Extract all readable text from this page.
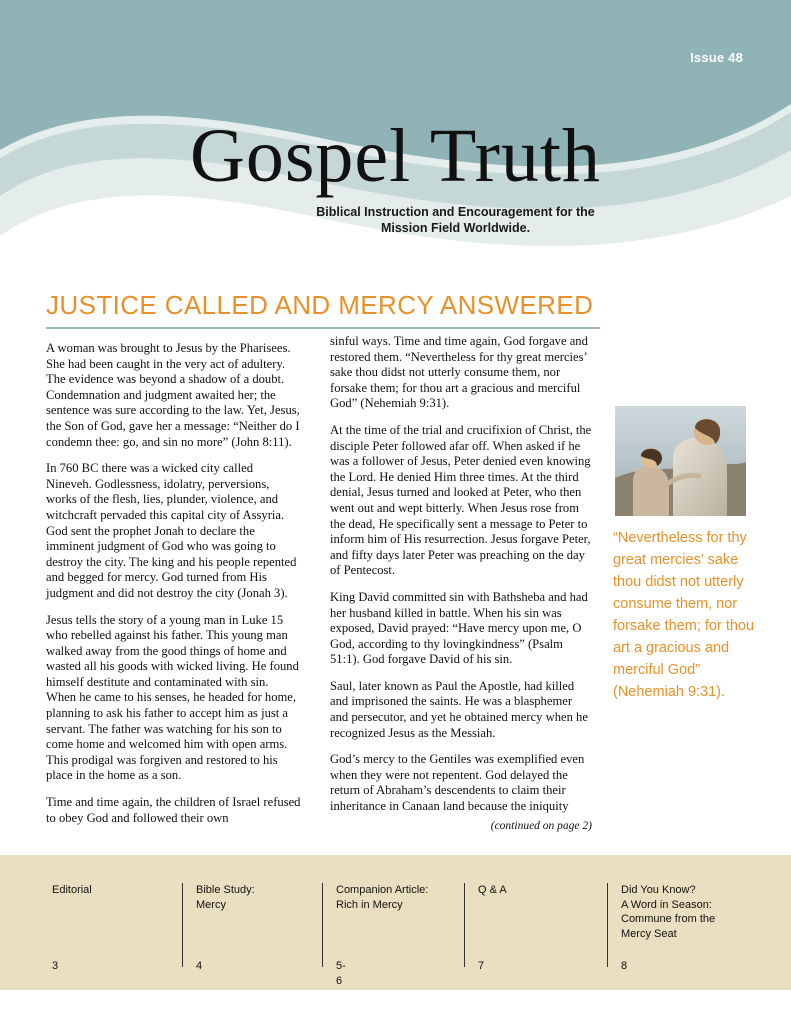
Issue 48
Gospel Truth
Biblical Instruction and Encouragement for the
Mission Field Worldwide.
JUSTICE CALLED AND MERCY ANSWERED

A woman was brought to Jesus by the Pharisees. She had been caught in the very act of adultery. The evidence was beyond a shadow of a doubt. Condemnation and judgment awaited her; the sentence was sure according to the law. Yet, Jesus, the Son of God, gave her a message: “Neither do I condemn thee: go, and sin no more” (John 8:11).

In 760 BC there was a wicked city called Nineveh. Godlessness, idolatry, perversions, works of the flesh, lies, plunder, violence, and witchcraft pervaded this capital city of Assyria. God sent the prophet Jonah to declare the imminent judgment of God who was going to destroy the city. The king and his people repented and begged for mercy. God turned from His judgment and did not destroy the city (Jonah 3).

Jesus tells the story of a young man in Luke 15 who rebelled against his father. This young man walked away from the good things of home and wasted all his goods with wicked living. He found himself destitute and contaminated with sin. When he came to his senses, he headed for home, planning to ask his father to accept him as just a servant. The father was watching for his son to come home and welcomed him with open arms. This prodigal was forgiven and restored to his place in the home as a son.

Time and time again, the children of Israel refused to obey God and followed their own

sinful ways. Time and time again, God forgave and restored them. “Nevertheless for thy great mercies’ sake thou didst not utterly consume them, nor forsake them; for thou art a gracious and merciful God” (Nehemiah 9:31).

At the time of the trial and crucifixion of Christ, the disciple Peter followed afar off. When asked if he was a follower of Jesus, Peter denied even knowing the Lord. He denied Him three times. At the third denial, Jesus turned and looked at Peter, who then went out and wept bitterly. When Jesus rose from the dead, He specifically sent a message to Peter to inform him of His resurrection. Jesus forgave Peter, and fifty days later Peter was preaching on the day of Pentecost.

King David committed sin with Bathsheba and had her husband killed in battle. When his sin was exposed, David prayed: “Have mercy upon me, O God, according to thy lovingkindness” (Psalm 51:1). God forgave David of his sin.

Saul, later known as Paul the Apostle, had killed and imprisoned the saints. He was a blasphemer and persecutor, and yet he obtained mercy when he recognized Jesus as the Messiah.

God’s mercy to the Gentiles was exemplified even when they were not repentent. God delayed the return of Abraham’s descendents to claim their inheritance in Canaan land because the iniquity

(continued on page 2)
“Nevertheless for thy great mercies’ sake thou didst not utterly consume them, nor forsake them; for thou art a gracious and merciful God” (Nehemiah 9:31).
Editorial
3
Bible Study:
Mercy
4
Companion Article:
Rich in Mercy
5-6
Q & A
7
Did You Know?
A Word in Season:
Commune from the
Mercy Seat
8
